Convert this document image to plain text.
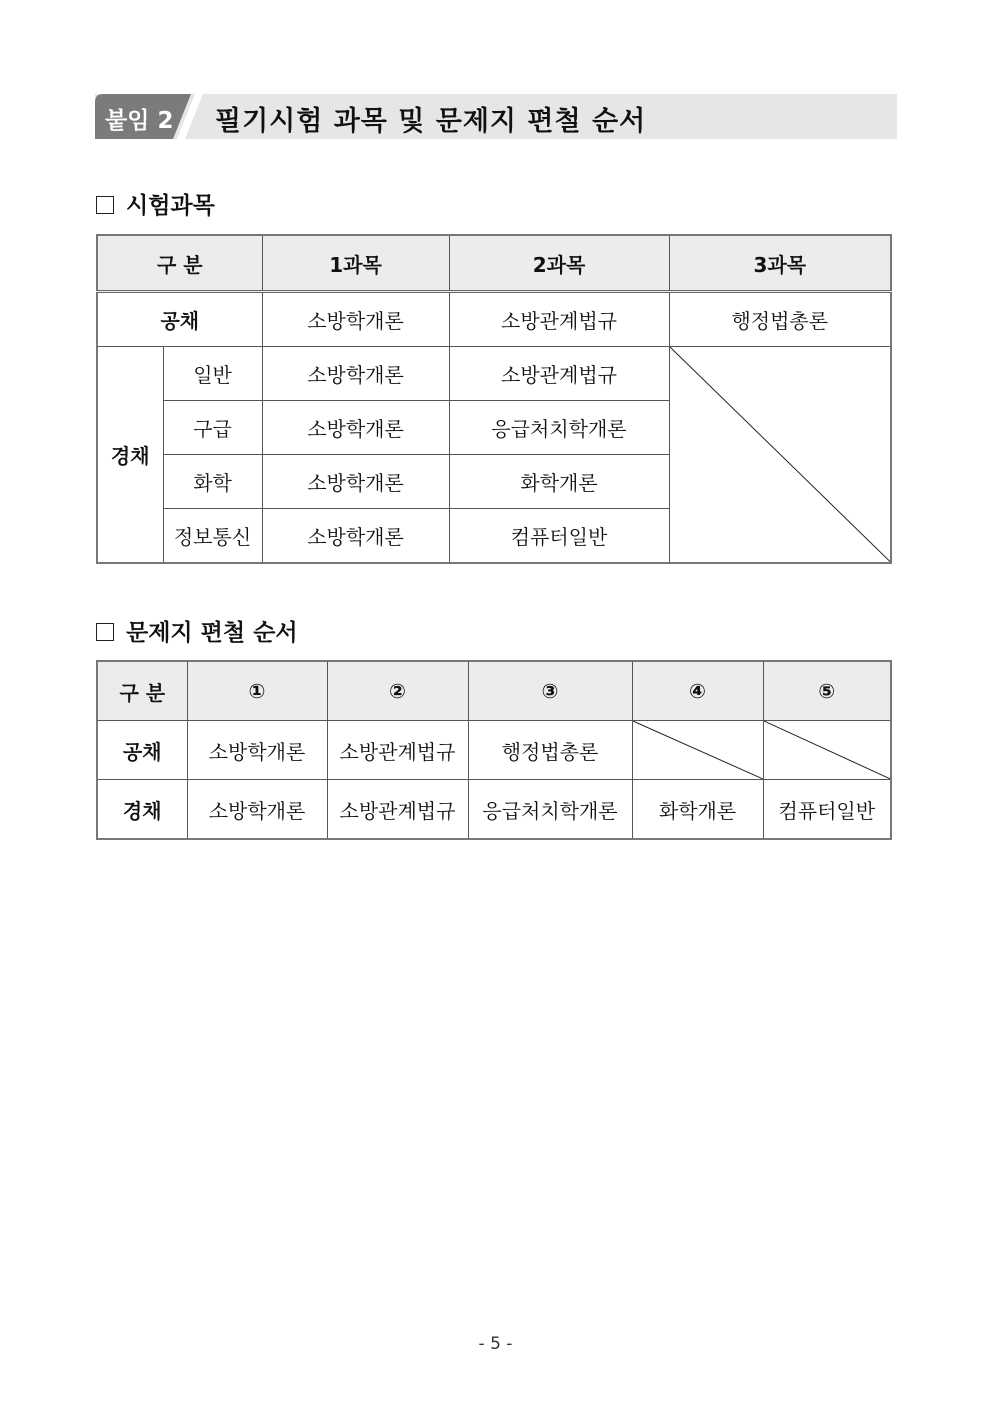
붙임 2 필기시험 과목 및 문제지 편철 순서
시험과목
구 분		1과목	2과목	3과목
공채		소방학개론	소방관계법규	행정법총론
경채	일반	소방학개론	소방관계법규	

	구급	소방학개론	응급처치학개론	
	화학	소방학개론	화학개론	
	정보통신	소방학개론	컴퓨터일반	
문제지 편철 순서
구 분	①	②	③	④	⑤
공채	소방학개론	소방관계법규	행정법총론	

경채	소방학개론	소방관계법규	응급처치학개론	화학개론	컴퓨터일반
- 5 -
